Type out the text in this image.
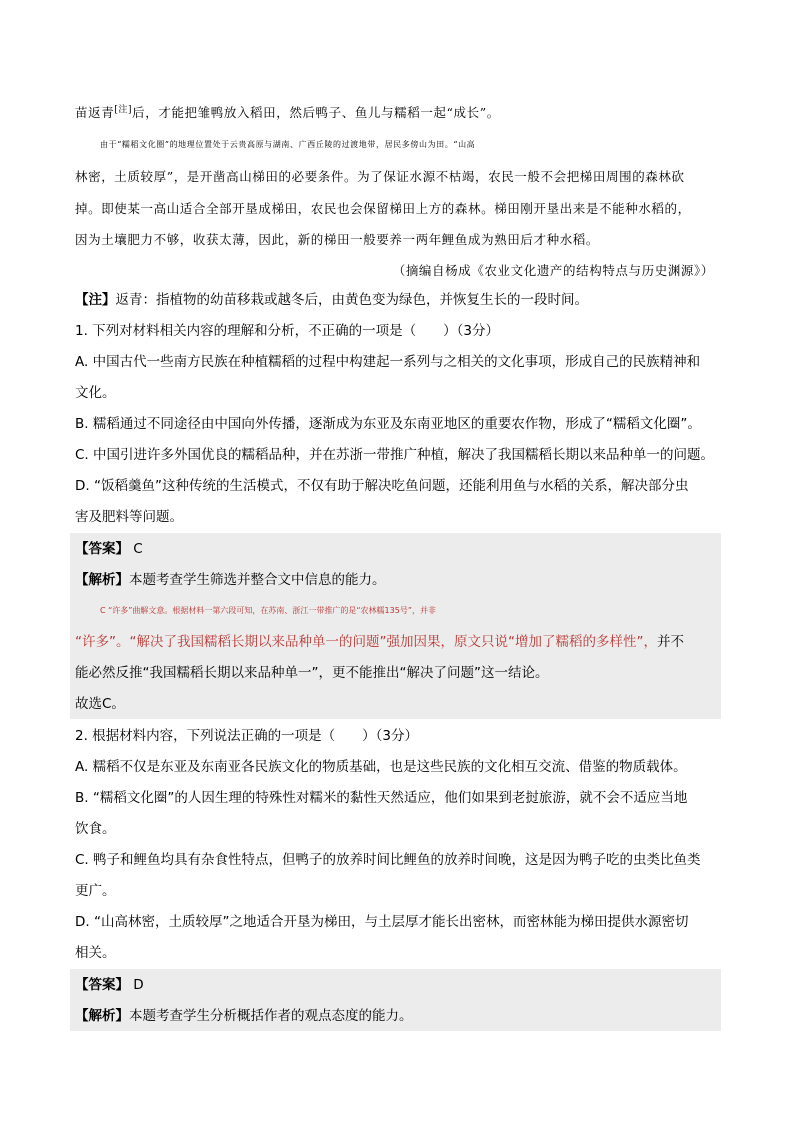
苗返青[注]后，才能把雏鸭放入稻田，然后鸭子、鱼儿与糯稻一起“成长”。
由于“糯稻文化圈”的地理位置处于云贵高原与湖南、广西丘陵的过渡地带，居民多傍山为田。“山高
林密，土质较厚”，是开凿高山梯田的必要条件。为了保证水源不枯竭，农民一般不会把梯田周围的森林砍
掉。即使某一高山适合全部开垦成梯田，农民也会保留梯田上方的森林。梯田刚开垦出来是不能种水稻的，
因为土壤肥力不够，收获太薄，因此，新的梯田一般要养一两年鲤鱼成为熟田后才种水稻。
（摘编自杨成《农业文化遗产的结构特点与历史渊源》）
【注】返青：指植物的幼苗移栽或越冬后，由黄色变为绿色，并恢复生长的一段时间。
1. 下列对材料相关内容的理解和分析，不正确的一项是（　　）（3分）
A. 中国古代一些南方民族在种植糯稻的过程中构建起一系列与之相关的文化事项，形成自己的民族精神和
文化。
B. 糯稻通过不同途径由中国向外传播，逐渐成为东亚及东南亚地区的重要农作物，形成了“糯稻文化圈”。
C. 中国引进许多外国优良的糯稻品种，并在苏浙一带推广种植，解决了我国糯稻长期以来品种单一的问题。
D. “饭稻羹鱼”这种传统的生活模式，不仅有助于解决吃鱼问题，还能利用鱼与水稻的关系，解决部分虫
害及肥料等问题。
【答案】 C
【解析】本题考查学生筛选并整合文中信息的能力。
C “许多”曲解文意。根据材料一第六段可知，在苏南、浙江一带推广的是“农林糯135号”，并非
“许多”。“解决了我国糯稻长期以来品种单一的问题”强加因果，原文只说“增加了糯稻的多样性”，并不
能必然反推“我国糯稻长期以来品种单一”，更不能推出“解决了问题”这一结论。
故选C。
2. 根据材料内容，下列说法正确的一项是（　　）（3分）
A. 糯稻不仅是东亚及东南亚各民族文化的物质基础，也是这些民族的文化相互交流、借鉴的物质载体。
B. “糯稻文化圈”的人因生理的特殊性对糯米的黏性天然适应，他们如果到老挝旅游，就不会不适应当地
饮食。
C. 鸭子和鲤鱼均具有杂食性特点，但鸭子的放养时间比鲤鱼的放养时间晚，这是因为鸭子吃的虫类比鱼类
更广。
D. “山高林密，土质较厚”之地适合开垦为梯田，与土层厚才能长出密林，而密林能为梯田提供水源密切
相关。
【答案】 D
【解析】本题考查学生分析概括作者的观点态度的能力。
